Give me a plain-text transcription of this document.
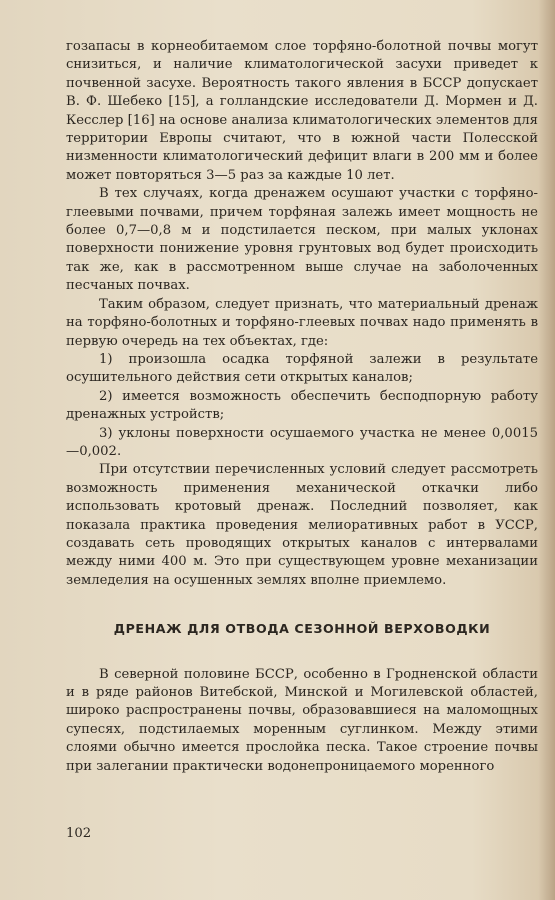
гозапасы в корнеобитаемом слое торфяно-болотной почвы могут снизиться, и наличие климатологической засухи приведет к почвенной засухе. Вероятность такого явления в БССР допускает В. Ф. Шебеко [15], а голландские исследователи Д. Мормен и Д. Кесслер [16] на основе анализа климатологических элементов для территории Европы считают, что в южной части Полесской низменности климатологический дефицит влаги в 200 мм и более может повторяться 3—5 раз за каждые 10 лет.

В тех случаях, когда дренажем осушают участки с торфяно-глеевыми почвами, причем торфяная залежь имеет мощность не более 0,7—0,8 м и подстилается песком, при малых уклонах поверхности понижение уровня грунтовых вод будет происходить так же, как в рассмотренном выше случае на заболоченных песчаных почвах.

Таким образом, следует признать, что материальный дренаж на торфяно-болотных и торфяно-глеевых почвах надо применять в первую очередь на тех объектах, где:

1) произошла осадка торфяной залежи в результате осушительного действия сети открытых каналов;

2) имеется возможность обеспечить бесподпорную работу дренажных устройств;

3) уклоны поверхности осушаемого участка не менее 0,0015—0,002.

При отсутствии перечисленных условий следует рассмотреть возможность применения механической откачки либо использовать кротовый дренаж. Последний позволяет, как показала практика проведения мелиоративных работ в УССР, создавать сеть проводящих открытых каналов с интервалами между ними 400 м. Это при существующем уровне механизации земледелия на осушенных землях вполне приемлемо.

ДРЕНАЖ ДЛЯ ОТВОДА СЕЗОННОЙ ВЕРХОВОДКИ

В северной половине БССР, особенно в Гродненской области и в ряде районов Витебской, Минской и Могилевской областей, широко распространены почвы, образовавшиеся на маломощных супесях, подстилаемых моренным суглинком. Между этими слоями обычно имеется прослойка песка. Такое строение почвы при залегании практически водонепроницаемого моренного

102
